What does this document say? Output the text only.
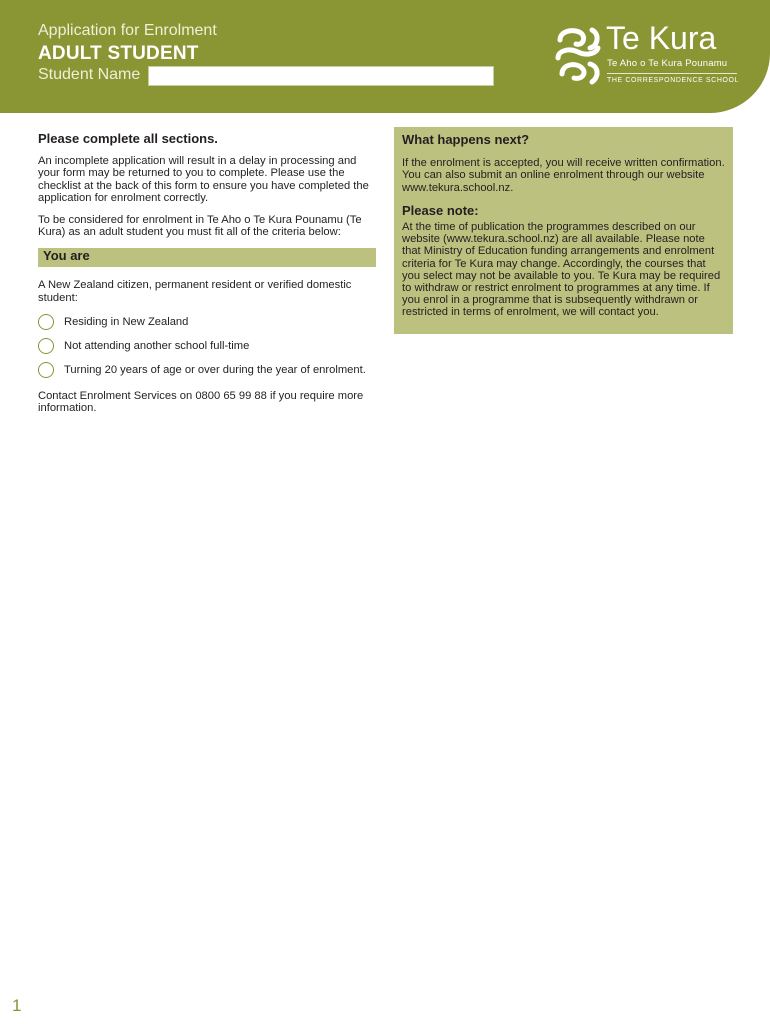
Application for Enrolment
ADULT STUDENT
Student Name
Te Kura
Te Aho o Te Kura Pounamu
THE CORRESPONDENCE SCHOOL
Please complete all sections.

An incomplete application will result in a delay in processing and your form may be returned to you to complete. Please use the checklist at the back of this form to ensure you have completed the application for enrolment correctly.

To be considered for enrolment in Te Aho o Te Kura Pounamu (Te Kura) as an adult student you must fit all of the criteria below:

You are

A New Zealand citizen, permanent resident or verified domestic student:

Residing in New Zealand
Not attending another school full-time
Turning 20 years of age or over during the year of enrolment.

Contact Enrolment Services on 0800 65 99 88 if you require more information.

What happens next?

If the enrolment is accepted, you will receive written confirmation. You can also submit an online enrolment through our website www.tekura.school.nz.

Please note:

At the time of publication the programmes described on our website (www.tekura.school.nz) are all available. Please note that Ministry of Education funding arrangements and enrolment criteria for Te Kura may change. Accordingly, the courses that you select may not be available to you. Te Kura may be required to withdraw or restrict enrolment to programmes at any time. If you enrol in a programme that is subsequently withdrawn or restricted in terms of enrolment, we will contact you.

1
